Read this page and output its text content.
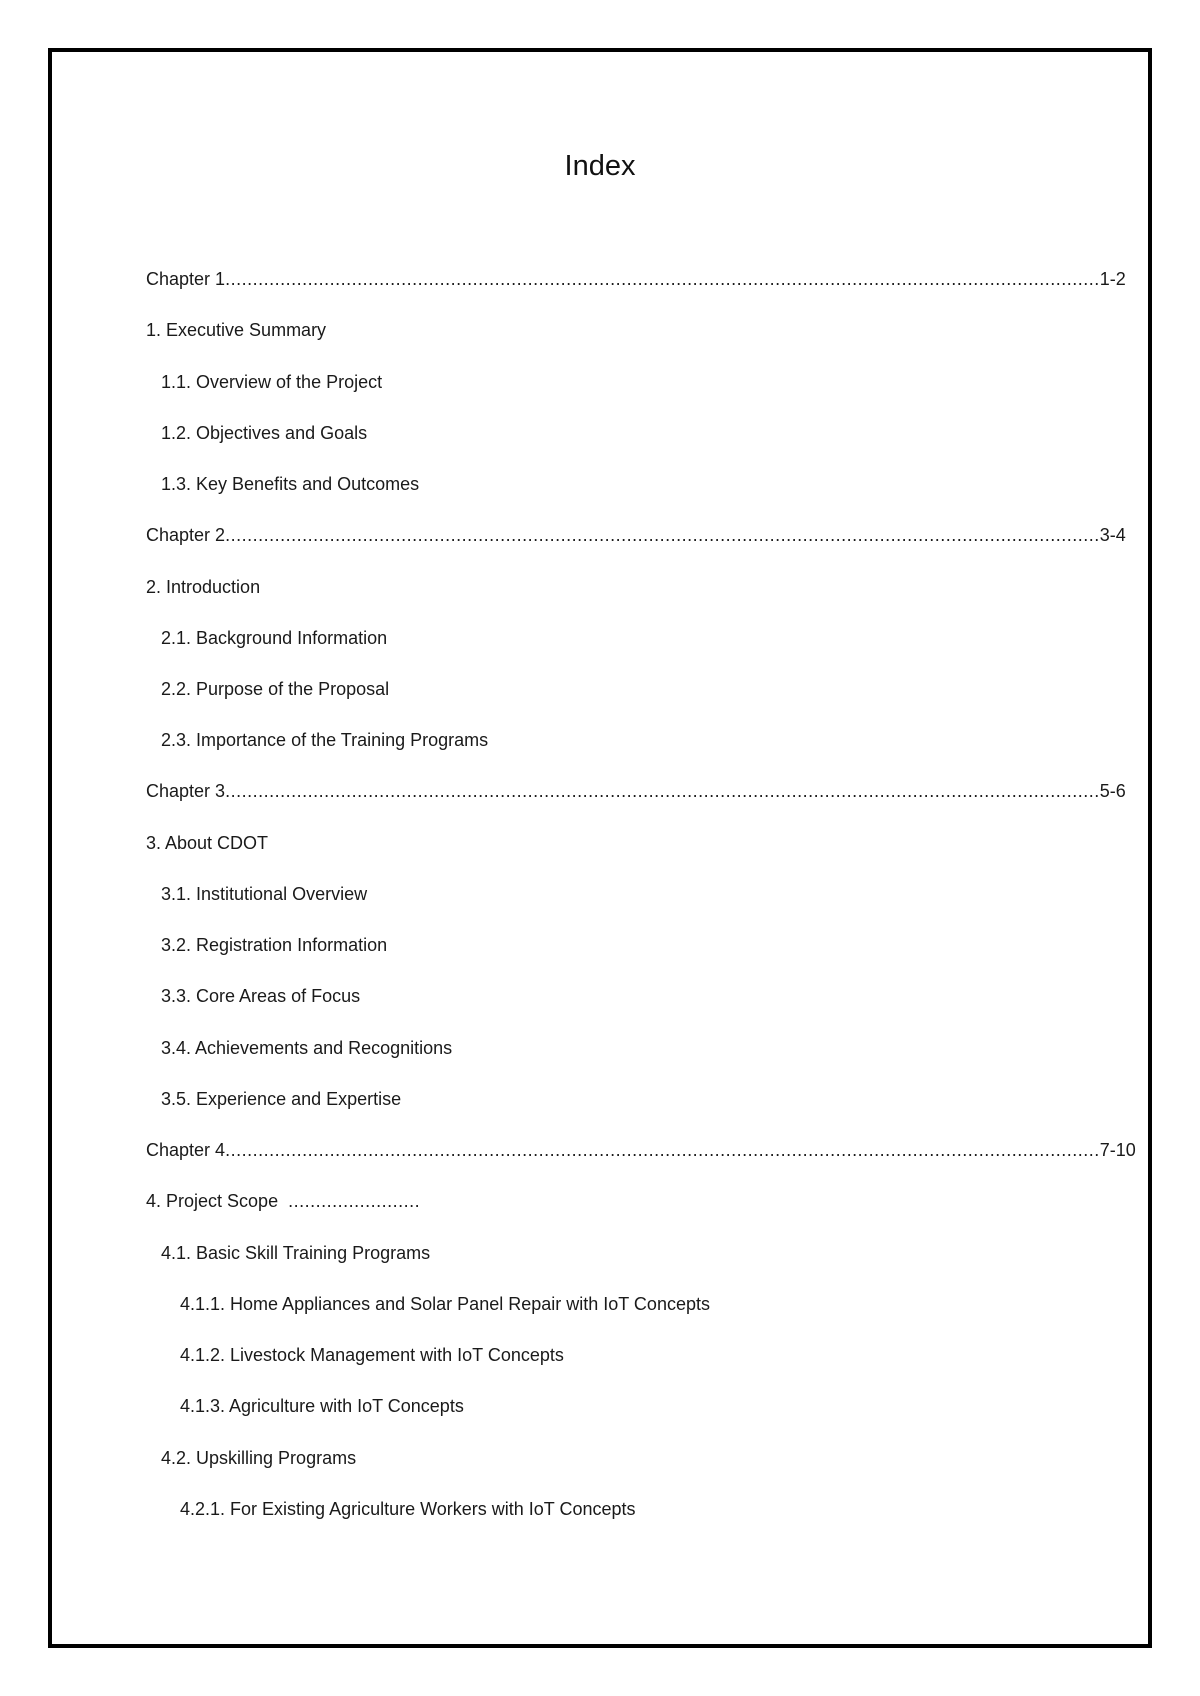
Index
Chapter 1 ............................................................................................................................................................... 1-2
1. Executive Summary
1.1. Overview of the Project
1.2. Objectives and Goals
1.3. Key Benefits and Outcomes
Chapter 2 ............................................................................................................................................................... 3-4
2. Introduction
2.1. Background Information
2.2. Purpose of the Proposal
2.3. Importance of the Training Programs
Chapter 3 ............................................................................................................................................................... 5-6
3. About CDOT
3.1. Institutional Overview
3.2. Registration Information
3.3. Core Areas of Focus
3.4. Achievements and Recognitions
3.5. Experience and Expertise
Chapter 4 ............................................................................................................................................................... 7-10
4. Project Scope ........................
4.1. Basic Skill Training Programs
4.1.1. Home Appliances and Solar Panel Repair with IoT Concepts
4.1.2. Livestock Management with IoT Concepts
4.1.3. Agriculture with IoT Concepts
4.2. Upskilling Programs
4.2.1. For Existing Agriculture Workers with IoT Concepts
